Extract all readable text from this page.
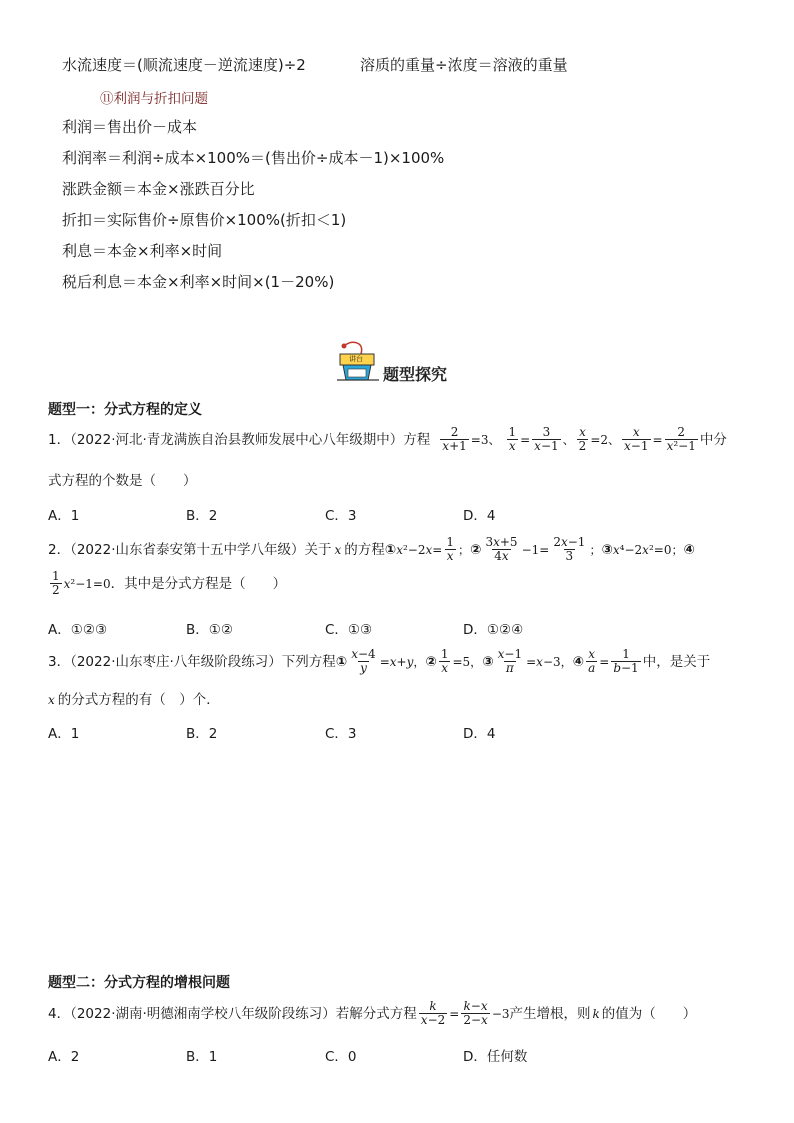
水流速度＝(顺流速度－逆流速度)÷2	溶质的重量÷浓度＝溶液的重量
⑪利润与折扣问题
利润＝售出价－成本
利润率＝利润÷成本×100%＝(售出价÷成本－1)×100%
涨跌金额＝本金×涨跌百分比
折扣＝实际售价÷原售价×100%(折扣＜1)
利息＝本金×利率×时间
税后利息＝本金×利率×时间×(1－20%)
讲台
题型探究
题型一：分式方程的定义
1．（2022·河北·青龙满族自治县教师发展中心八年级期中）方程 $\frac{2}{x+1} =3$、 $\frac{1}{x} = \frac{3}{x-1}$ 、 $\frac{x}{2} =2$、 $\frac{x}{x-1} = \frac{2}{\text{x²−1}}$ 中分
式方程的个数是（　　）
A．1	B．2	C．3	D．4
2．（2022·山东省泰安第十五中学八年级）关于 x 的方程 ① x ²−2 $x = \frac{1}{x}$ ； ② $\frac{3x+5}{4x} -1= \frac{2x-1}{3}$ ； ③ x ⁴−2 x ²=0； ④
$\frac{1}{2}$ x ²−1=0 ．其中是分式方程是（　　）
A．①②③	B．①②	C．①③	D．①②④
3．（2022·山东枣庄·八年级阶段练习）下列方程 ① $\frac{x-4}{y} = x + y$ ， ② $\frac{1}{x} =5$， ③ $\frac{x-1}{\pi} = x -3$， ④ $\frac{x}{a} = \frac{1}{b-1}$ 中，是关于
x 的分式方程的有（　）个．
A．1	B．2	C．3	D．4
题型二：分式方程的增根问题
4．（2022·湖南·明德湘南学校八年级阶段练习）若解分式方程 $\frac{k}{x-2} = \frac{k-x}{2-x} -3$ 产生增根，则 k 的值为（　　）
A．2	B．1	C．0	D．任何数
